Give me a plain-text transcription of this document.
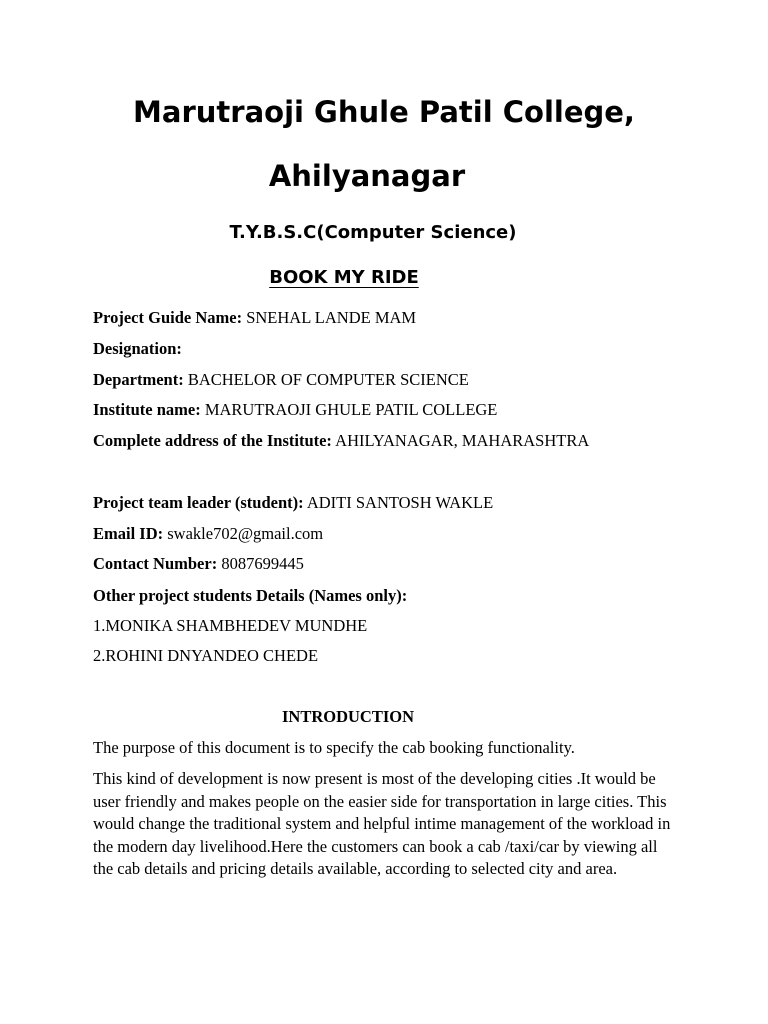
Marutraoji Ghule Patil College,
Ahilyanagar
T.Y.B.S.C(Computer Science)
BOOK MY RIDE
Project Guide Name: SNEHAL LANDE MAM
Designation:
Department: BACHELOR OF COMPUTER SCIENCE
Institute name: MARUTRAOJI GHULE PATIL COLLEGE
Complete address of the Institute: AHILYANAGAR, MAHARASHTRA
Project team leader (student): ADITI SANTOSH WAKLE
Email ID: swakle702@gmail.com
Contact Number: 8087699445
Other project students Details (Names only):
1.MONIKA SHAMBHEDEV MUNDHE
2.ROHINI DNYANDEO CHEDE
INTRODUCTION
The purpose of this document is to specify the cab booking functionality.
This kind of development is now present is most of the developing cities .It would be user friendly and makes people on the easier side for transportation in large cities. This would change the traditional system and helpful intime management of the workload in the modern day livelihood.Here the customers can book a cab /taxi/car by viewing all the cab details and pricing details available, according to selected city and area.
